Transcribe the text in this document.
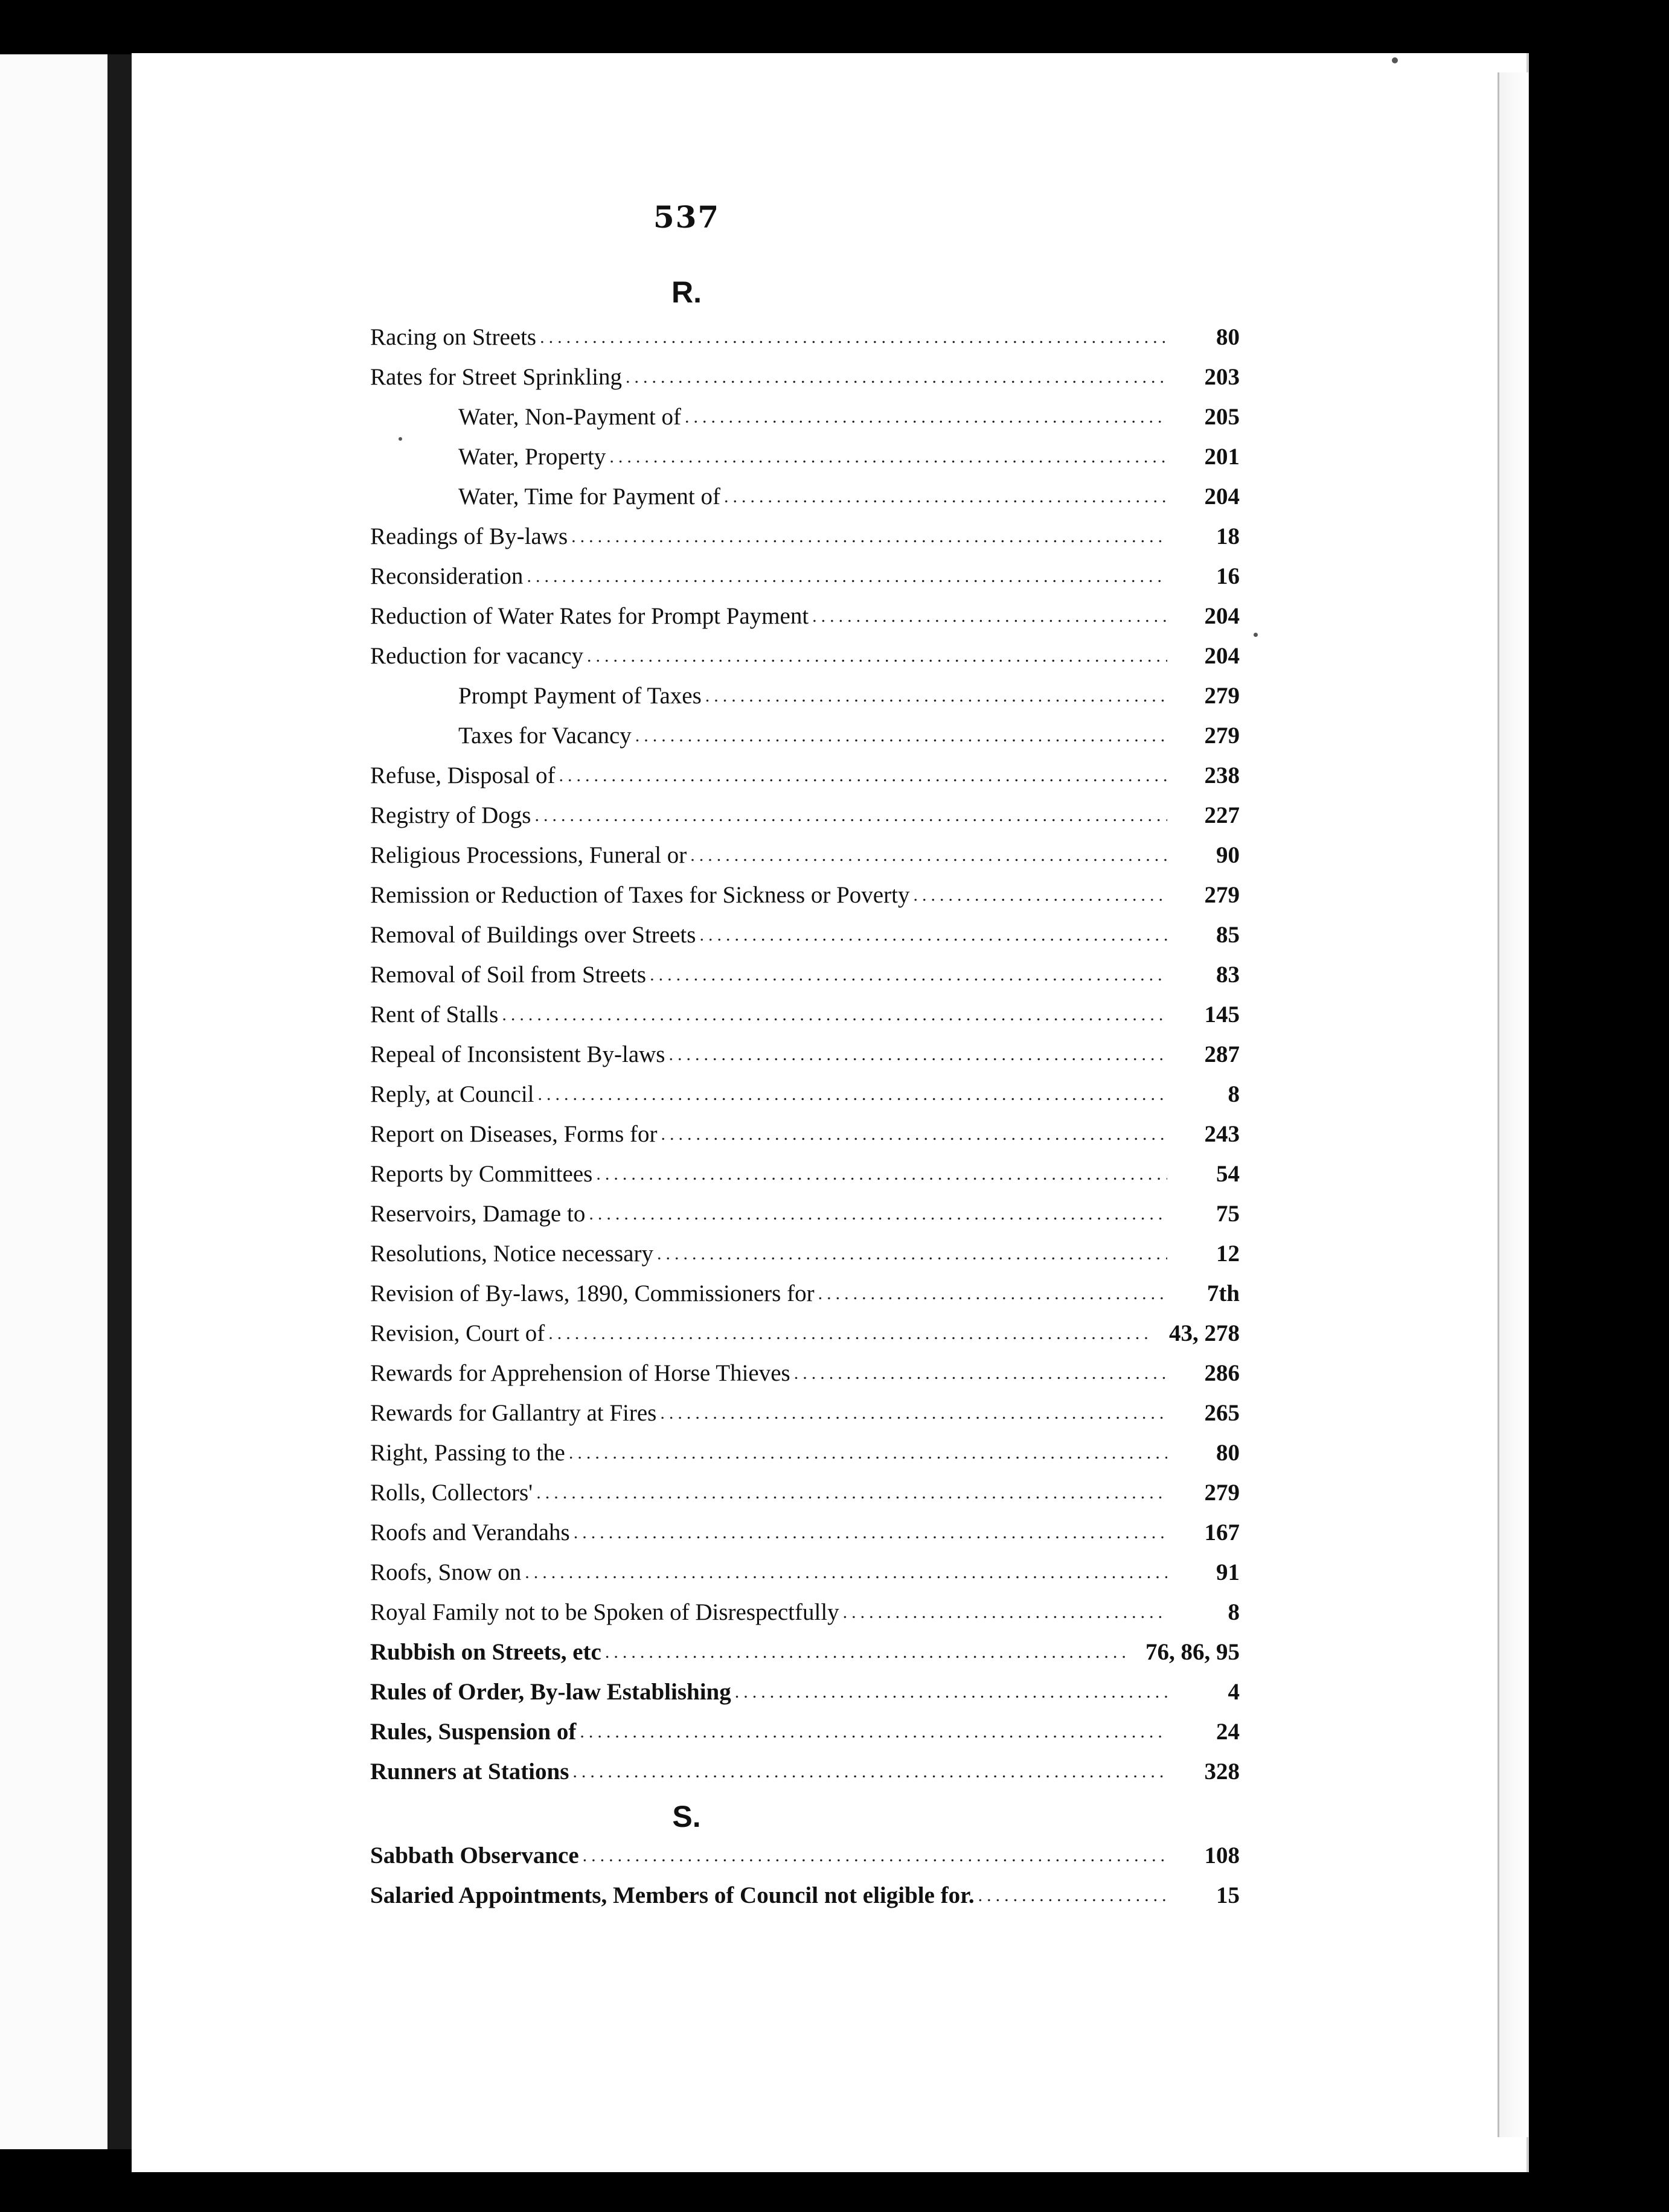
537
R.
Racing on Streets .....	80
Rates for Street Sprinkling .....	203
Water, Non-Payment of .....	205
Water, Property .....	201
Water, Time for Payment of .....	204
Readings of By-laws .....	18
Reconsideration .....	16
Reduction of Water Rates for Prompt Payment .....	204
Reduction for vacancy .....	204
Prompt Payment of Taxes .....	279
Taxes for Vacancy .....	279
Refuse, Disposal of .....	238
Registry of Dogs .....	227
Religious Processions, Funeral or .....	90
Remission or Reduction of Taxes for Sickness or Poverty .....	279
Removal of Buildings over Streets .....	85
Removal of Soil from Streets .....	83
Rent of Stalls .....	145
Repeal of Inconsistent By-laws .....	287
Reply, at Council .....	8
Report on Diseases, Forms for .....	243
Reports by Committees .....	54
Reservoirs, Damage to .....	75
Resolutions, Notice necessary .....	12
Revision of By-laws, 1890, Commissioners for .....	7th
Revision, Court of .....	43, 278
Rewards for Apprehension of Horse Thieves .....	286
Rewards for Gallantry at Fires .....	265
Right, Passing to the .....	80
Rolls, Collectors' .....	279
Roofs and Verandahs .....	167
Roofs, Snow on .....	91
Royal Family not to be Spoken of Disrespectfully .....	8
Rubbish on Streets, etc .....	76, 86, 95
Rules of Order, By-law Establishing .....	4
Rules, Suspension of .....	24
Runners at Stations .....	328
S.
Sabbath Observance .....	108
Salaried Appointments, Members of Council not eligible for. .....	15
